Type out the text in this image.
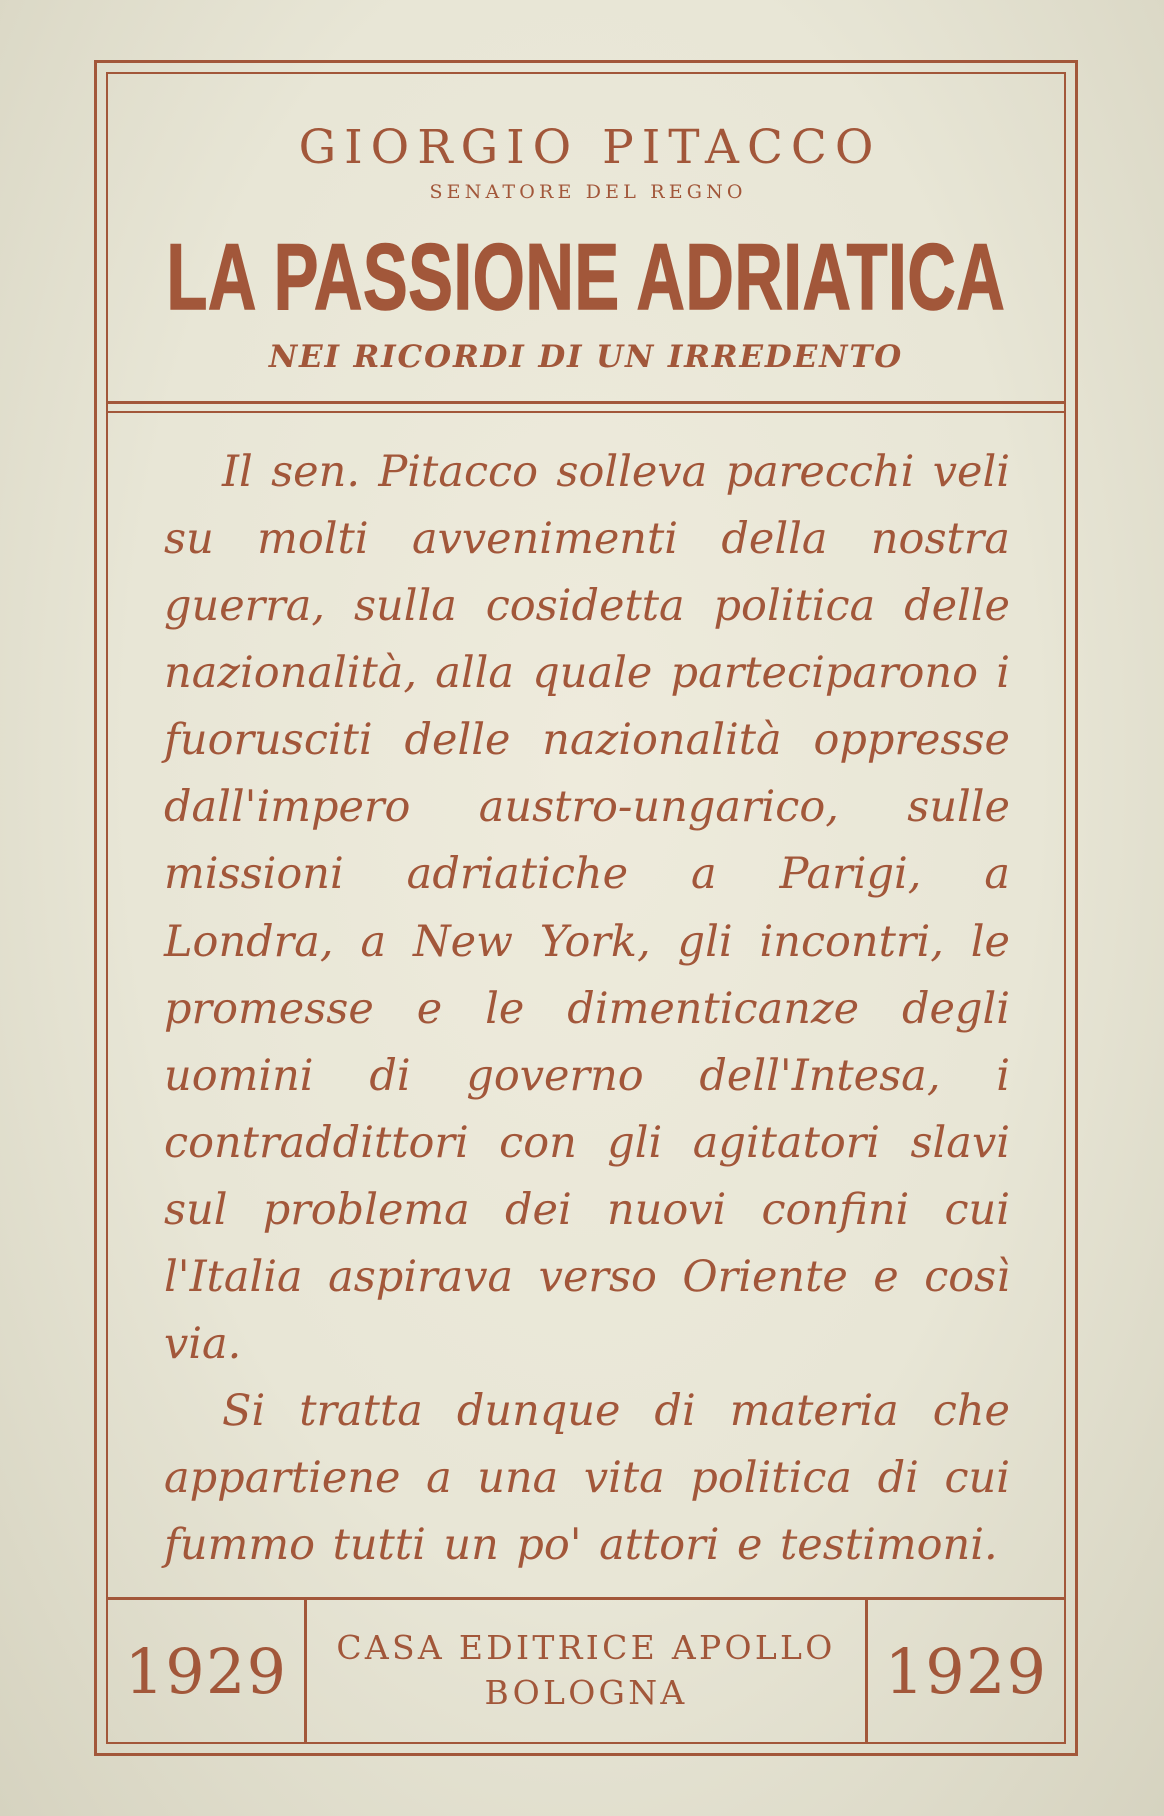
GIORGIO PITACCO
SENATORE DEL REGNO
LA PASSIONE ADRIATICA
NEI RICORDI DI UN IRREDENTO

Il sen. Pitacco solleva parecchi veli su molti avvenimenti della nostra guerra, sulla cosidetta politica delle nazionalità, alla quale parteciparono i fuorusciti delle nazionalità oppresse dall'impero austro-ungarico, sulle missioni adriatiche a Parigi, a Londra, a New York, gli incontri, le promesse e le dimenticanze degli uomini di governo dell'Intesa, i contraddittori con gli agitatori slavi sul problema dei nuovi confini cui l'Italia aspirava verso Oriente e così via.

Si tratta dunque di materia che appartiene a una vita politica di cui fummo tutti un po' attori e testimoni.

1929	CASA EDITRICE APOLLO
BOLOGNA	1929
